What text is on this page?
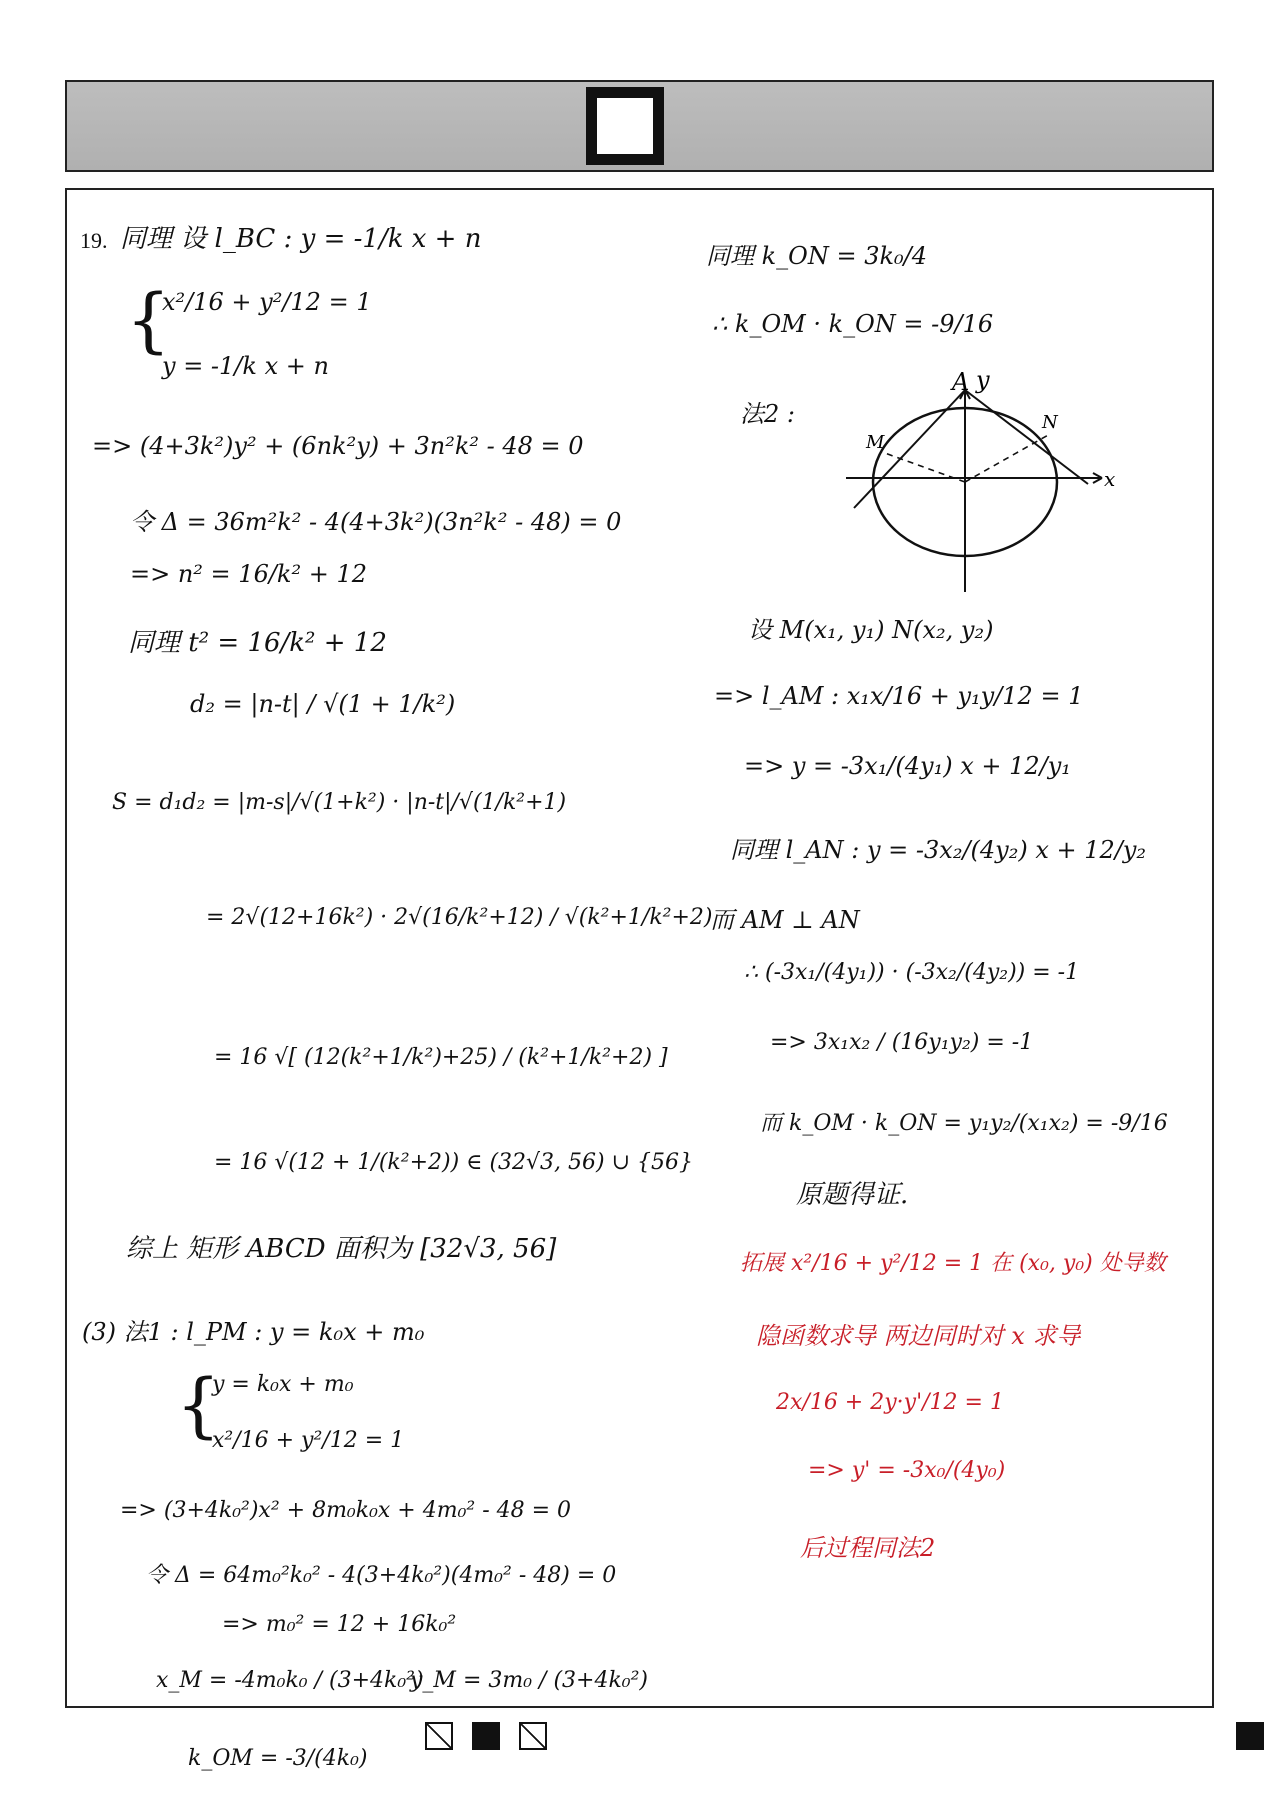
19. 同理 设 l_BC : y = -1/k x + n
{
x²/16 + y²/12 = 1
y = -1/k x + n
=> (4+3k²)y² + (6nk²y) + 3n²k² - 48 = 0
令 Δ = 36m²k² - 4(4+3k²)(3n²k² - 48) = 0
=> n² = 16/k² + 12
同理 t² = 16/k² + 12
d₂ = |n-t| / √(1 + 1/k²)
S = d₁d₂ = |m-s|/√(1+k²) · |n-t|/√(1/k²+1)
= 2√(12+16k²) · 2√(16/k²+12) / √(k²+1/k²+2)
= 16 √[ (12(k²+1/k²)+25) / (k²+1/k²+2) ]
= 16 √(12 + 1/(k²+2)) ∈ (32√3, 56) ∪ {56}
综上 矩形 ABCD 面积为 [32√3, 56]
(3) 法1 : l_PM : y = k₀x + m₀
{
y = k₀x + m₀
x²/16 + y²/12 = 1
=> (3+4k₀²)x² + 8m₀k₀x + 4m₀² - 48 = 0
令 Δ = 64m₀²k₀² - 4(3+4k₀²)(4m₀² - 48) = 0
=> m₀² = 12 + 16k₀²
x_M = -4m₀k₀ / (3+4k₀²)
y_M = 3m₀ / (3+4k₀²)
k_OM = -3/(4k₀)
同理 k_ON = 3k₀/4
∴ k_OM · k_ON = -9/16
法2 :
A y
x
M
N
设 M(x₁, y₁) N(x₂, y₂)
=> l_AM : x₁x/16 + y₁y/12 = 1
=> y = -3x₁/(4y₁) x + 12/y₁
同理 l_AN : y = -3x₂/(4y₂) x + 12/y₂
而 AM ⊥ AN
∴ (-3x₁/(4y₁)) · (-3x₂/(4y₂)) = -1
=> 3x₁x₂ / (16y₁y₂) = -1
而 k_OM · k_ON = y₁y₂/(x₁x₂) = -9/16
原题得证.
拓展 x²/16 + y²/12 = 1 在 (x₀, y₀) 处导数
隐函数求导 两边同时对 x 求导
2x/16 + 2y·y'/12 = 1
=> y' = -3x₀/(4y₀)
后过程同法2
